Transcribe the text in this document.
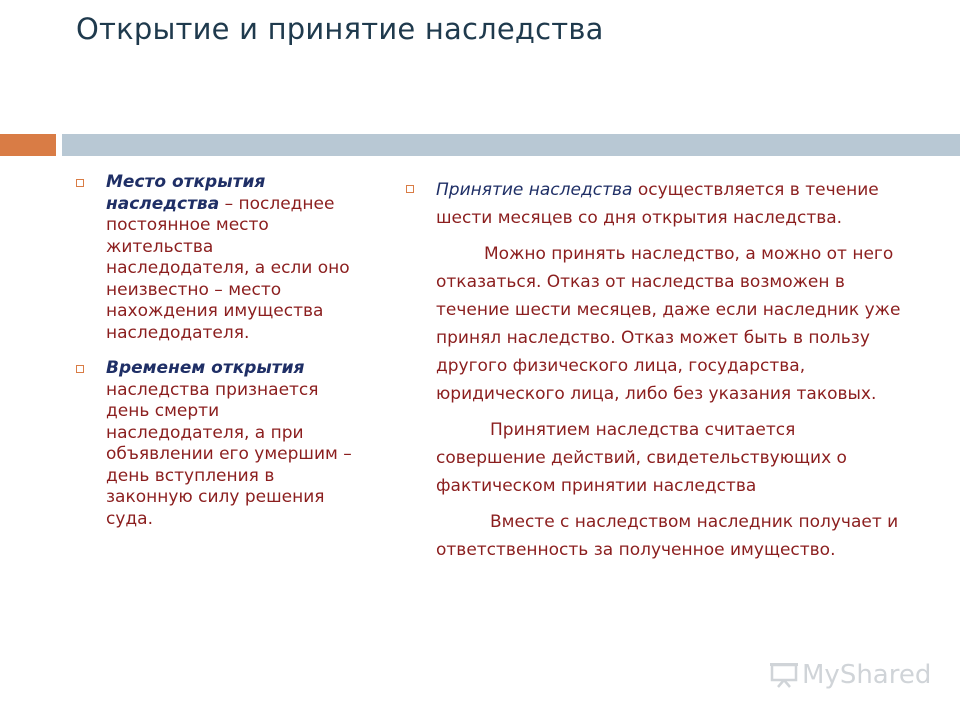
Открытие и принятие наследства
Место открытия наследства – последнее постоянное место жительства наследодателя, а если оно неизвестно – место нахождения имущества наследодателя.
Временем открытия наследства признается день смерти наследодателя, а при объявлении его умершим – день вступления в законную силу решения суда.
Принятие наследства осуществляется в течение шести месяцев со дня открытия наследства.

Можно принять наследство, а можно от него отказаться. Отказ от наследства возможен в течение шести месяцев, даже если наследник уже принял наследство. Отказ может быть в пользу другого физического лица, государства, юридического лица, либо без указания таковых.

Принятием наследства считается совершение действий, свидетельствующих о фактическом принятии наследства

Вместе с наследством наследник получает и ответственность за полученное имущество.

MyShared
